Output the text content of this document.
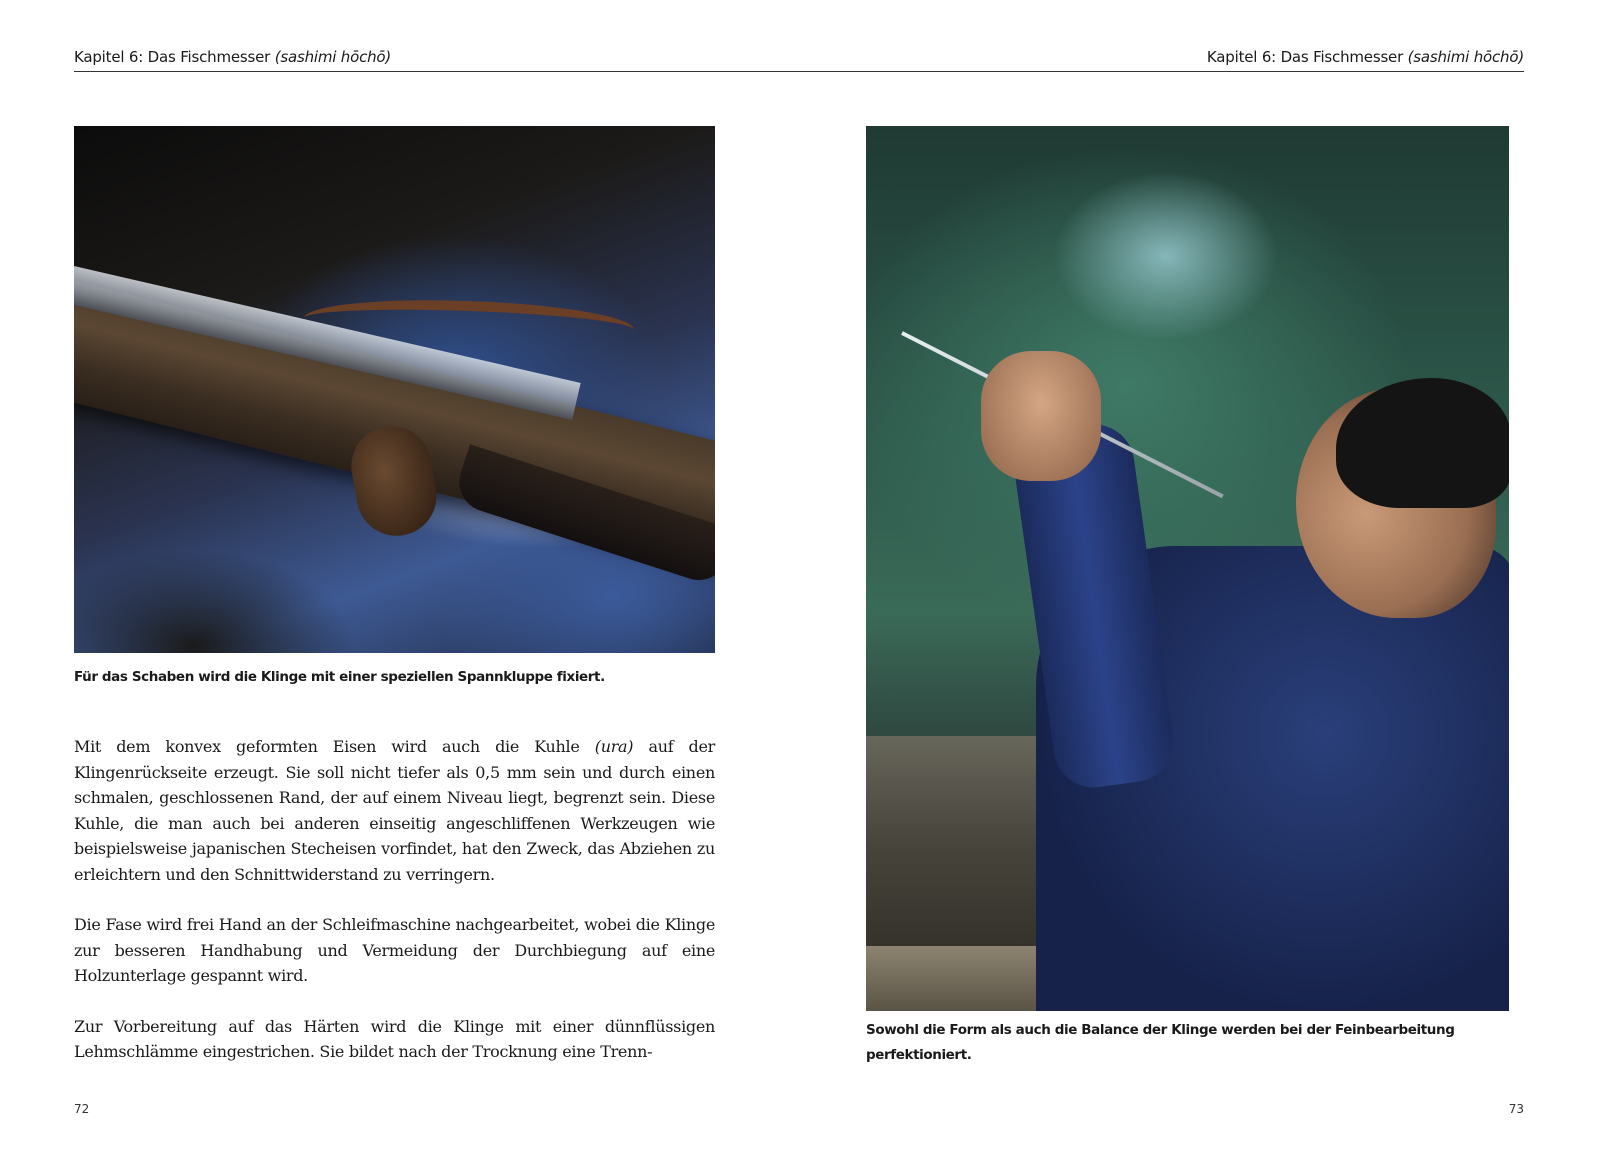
Kapitel 6: Das Fischmesser (sashimi hōchō)
Für das Schaben wird die Klinge mit einer speziellen Spannkluppe fixiert.

Mit dem konvex geformten Eisen wird auch die Kuhle (ura) auf der Klingenrückseite erzeugt. Sie soll nicht tiefer als 0,5 mm sein und durch einen schmalen, geschlossenen Rand, der auf einem Niveau liegt, begrenzt sein. Diese Kuhle, die man auch bei anderen einseitig angeschliffenen Werkzeugen wie beispielsweise japanischen Stecheisen vorfindet, hat den Zweck, das Abziehen zu erleichtern und den Schnittwiderstand zu verringern.

Die Fase wird frei Hand an der Schleifmaschine nachgearbeitet, wobei die Klinge zur besseren Handhabung und Vermeidung der Durchbiegung auf eine Holzunterlage gespannt wird.

Zur Vorbereitung auf das Härten wird die Klinge mit einer dünnflüssigen Lehmschlämme eingestrichen. Sie bildet nach der Trocknung eine Trenn-

72
Kapitel 6: Das Fischmesser (sashimi hōchō)
73
Sowohl die Form als auch die Balance der Klinge werden bei der Feinbearbeitung perfektioniert.
